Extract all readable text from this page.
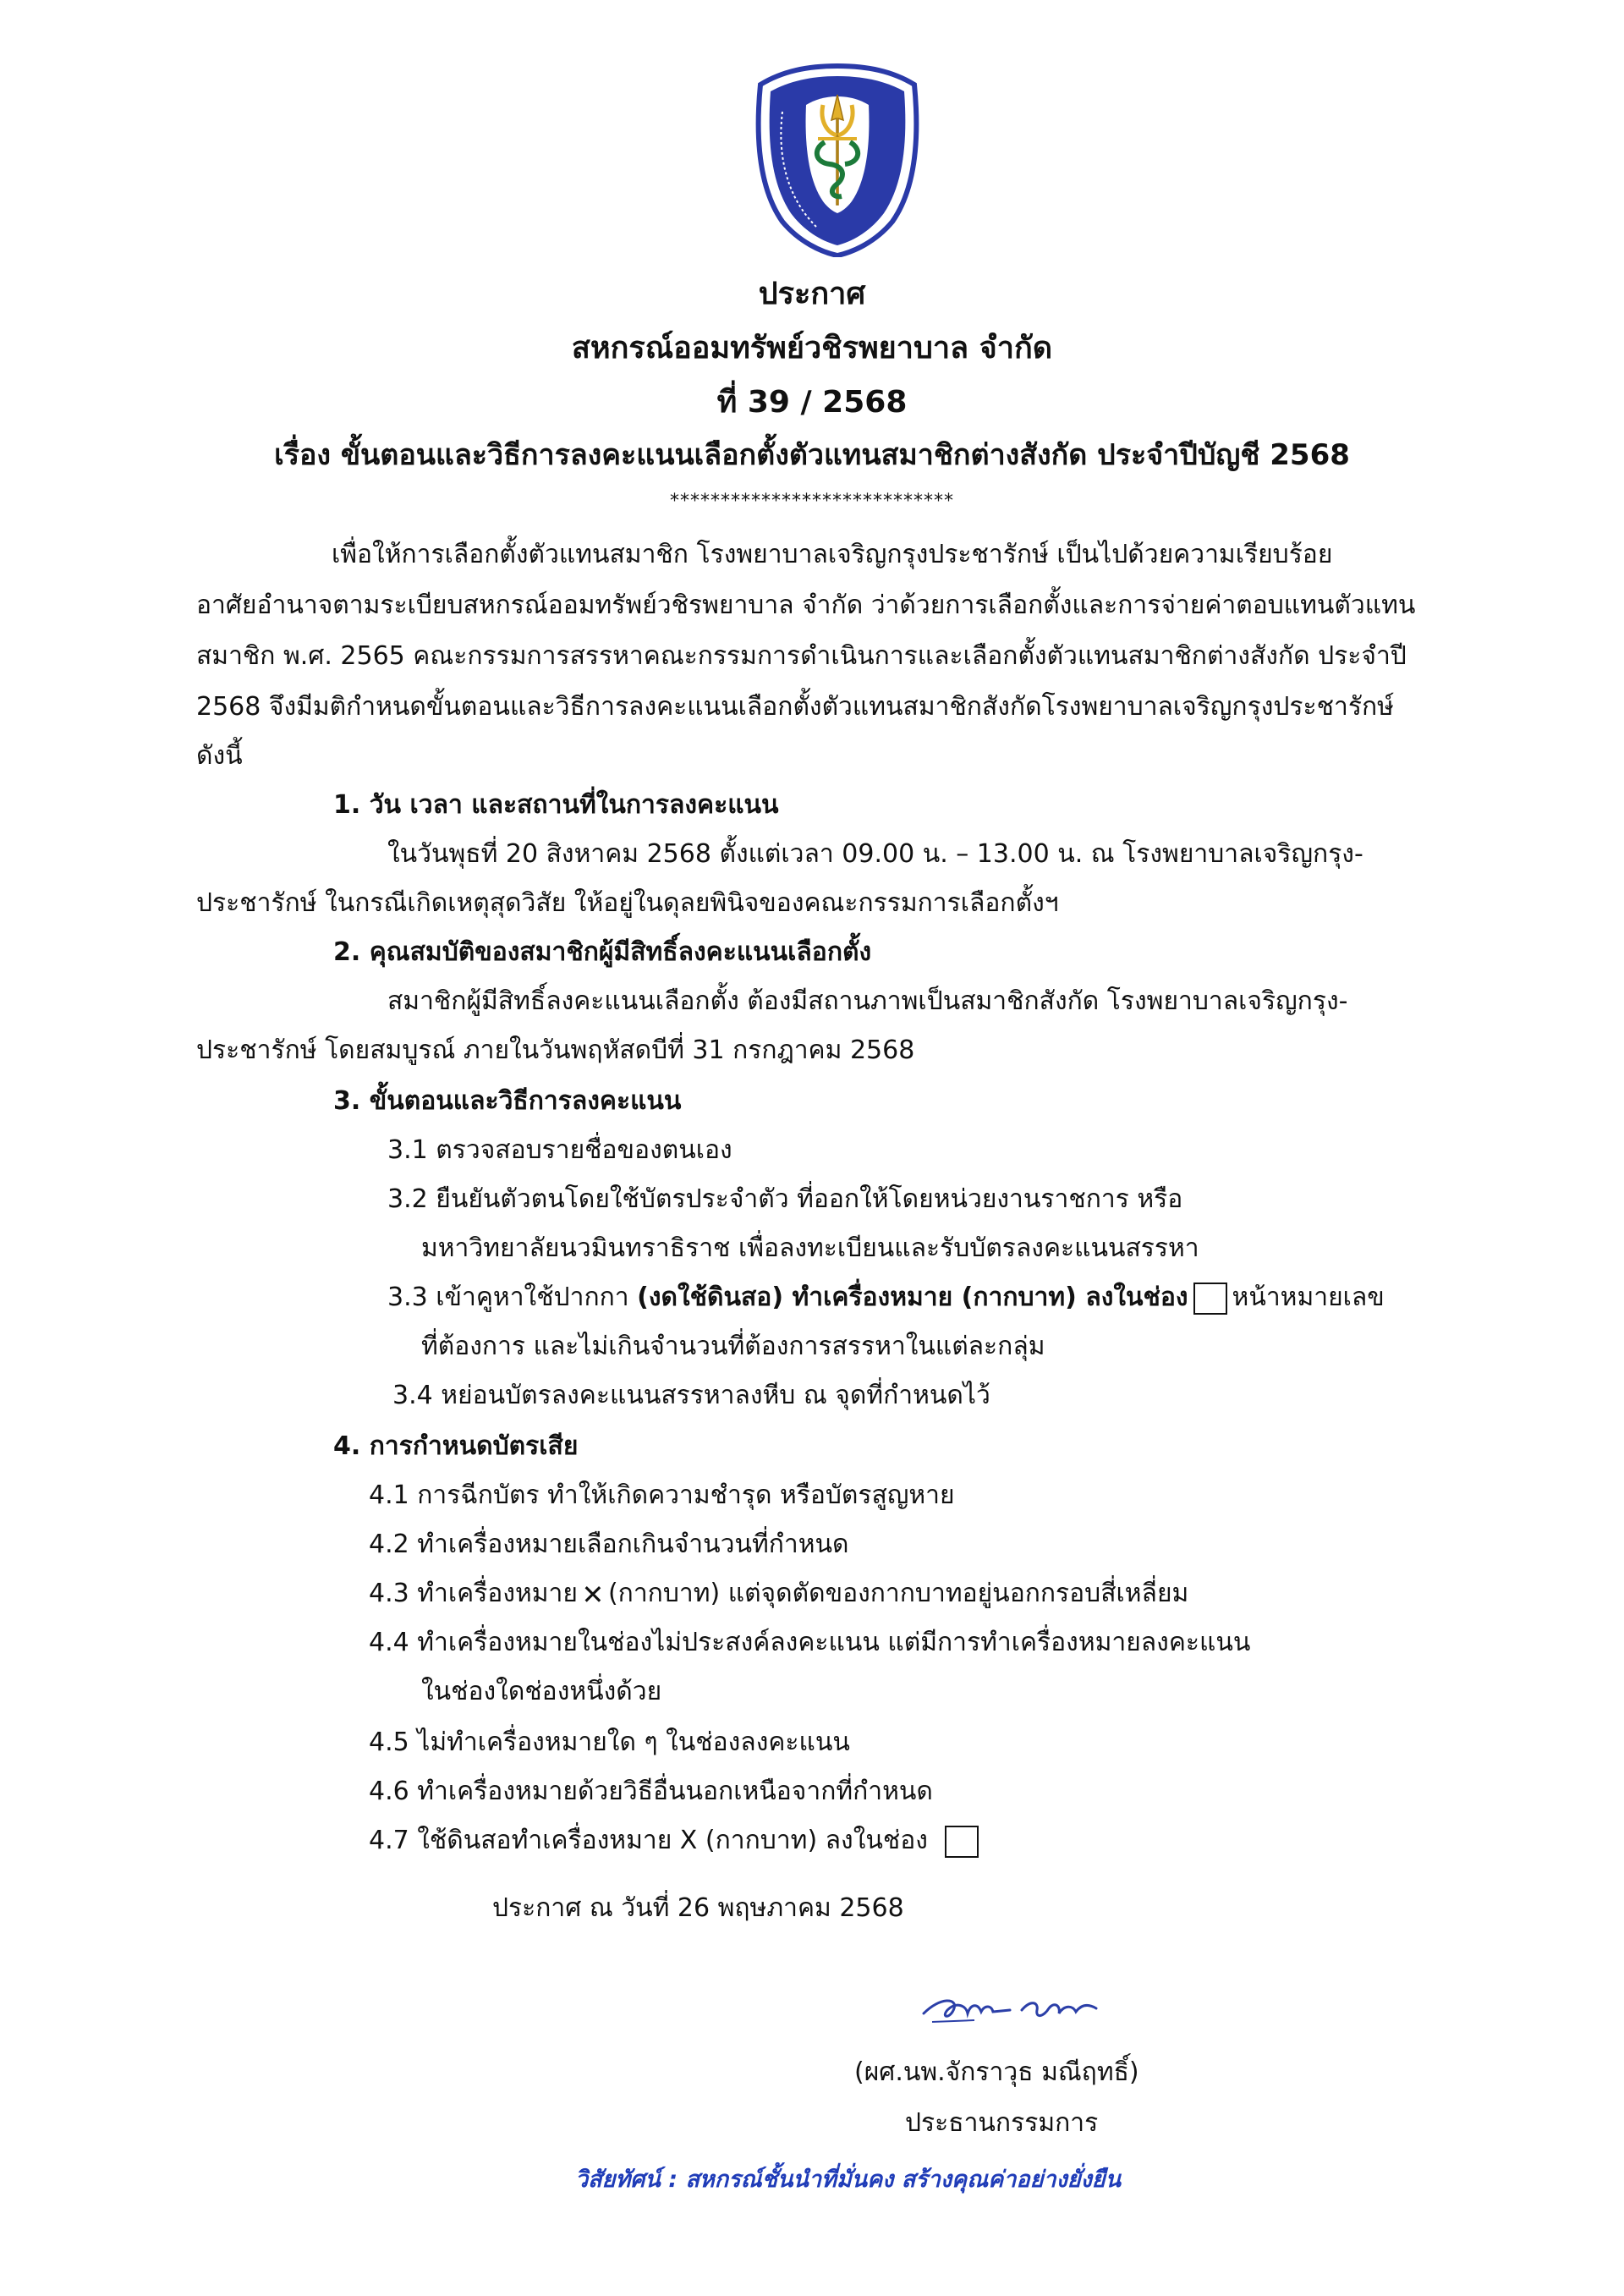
ประกาศ
สหกรณ์ออมทรัพย์วชิรพยาบาล จำกัด
ที่ 39 / 2568
เรื่อง ขั้นตอนและวิธีการลงคะแนนเลือกตั้งตัวแทนสมาชิกต่างสังกัด ประจำปีบัญชี 2568
****************************
เพื่อให้การเลือกตั้งตัวแทนสมาชิก โรงพยาบาลเจริญกรุงประชารักษ์ เป็นไปด้วยความเรียบร้อย
อาศัยอำนาจตามระเบียบสหกรณ์ออมทรัพย์วชิรพยาบาล จำกัด ว่าด้วยการเลือกตั้งและการจ่ายค่าตอบแทนตัวแทน
สมาชิก พ.ศ. 2565 คณะกรรมการสรรหาคณะกรรมการดำเนินการและเลือกตั้งตัวแทนสมาชิกต่างสังกัด ประจำปี
2568 จึงมีมติกำหนดขั้นตอนและวิธีการลงคะแนนเลือกตั้งตัวแทนสมาชิกสังกัดโรงพยาบาลเจริญกรุงประชารักษ์
ดังนี้
1. วัน เวลา และสถานที่ในการลงคะแนน
ในวันพุธที่ 20 สิงหาคม 2568 ตั้งแต่เวลา 09.00 น. – 13.00 น. ณ โรงพยาบาลเจริญกรุง-
ประชารักษ์ ในกรณีเกิดเหตุสุดวิสัย ให้อยู่ในดุลยพินิจของคณะกรรมการเลือกตั้งฯ
2. คุณสมบัติของสมาชิกผู้มีสิทธิ์ลงคะแนนเลือกตั้ง
สมาชิกผู้มีสิทธิ์ลงคะแนนเลือกตั้ง ต้องมีสถานภาพเป็นสมาชิกสังกัด โรงพยาบาลเจริญกรุง-
ประชารักษ์ โดยสมบูรณ์ ภายในวันพฤหัสดบีที่ 31 กรกฎาคม 2568
3. ขั้นตอนและวิธีการลงคะแนน
3.1 ตรวจสอบรายชื่อของตนเอง
3.2 ยืนยันตัวตนโดยใช้บัตรประจำตัว ที่ออกให้โดยหน่วยงานราชการ หรือ
มหาวิทยาลัยนวมินทราธิราช เพื่อลงทะเบียนและรับบัตรลงคะแนนสรรหา
3.3 เข้าคูหาใช้ปากกา (งดใช้ดินสอ) ทำเครื่องหมาย (กากบาท) ลงในช่อง หน้าหมายเลข
ที่ต้องการ และไม่เกินจำนวนที่ต้องการสรรหาในแต่ละกลุ่ม
3.4 หย่อนบัตรลงคะแนนสรรหาลงหีบ ณ จุดที่กำหนดไว้
4. การกำหนดบัตรเสีย
4.1 การฉีกบัตร ทำให้เกิดความชำรุด หรือบัตรสูญหาย
4.2 ทำเครื่องหมายเลือกเกินจำนวนที่กำหนด
4.3 ทำเครื่องหมาย ✕ (กากบาท) แต่จุดตัดของกากบาทอยู่นอกกรอบสี่เหลี่ยม
4.4 ทำเครื่องหมายในช่องไม่ประสงค์ลงคะแนน แต่มีการทำเครื่องหมายลงคะแนน
ในช่องใดช่องหนึ่งด้วย
4.5 ไม่ทำเครื่องหมายใด ๆ ในช่องลงคะแนน
4.6 ทำเครื่องหมายด้วยวิธีอื่นนอกเหนือจากที่กำหนด
4.7 ใช้ดินสอทำเครื่องหมาย X (กากบาท) ลงในช่อง
ประกาศ ณ วันที่ 26 พฤษภาคม 2568
(ผศ.นพ.จักราวุธ มณีฤทธิ์)
ประธานกรรมการ
วิสัยทัศน์ : สหกรณ์ชั้นนำที่มั่นคง สร้างคุณค่าอย่างยั่งยืน
